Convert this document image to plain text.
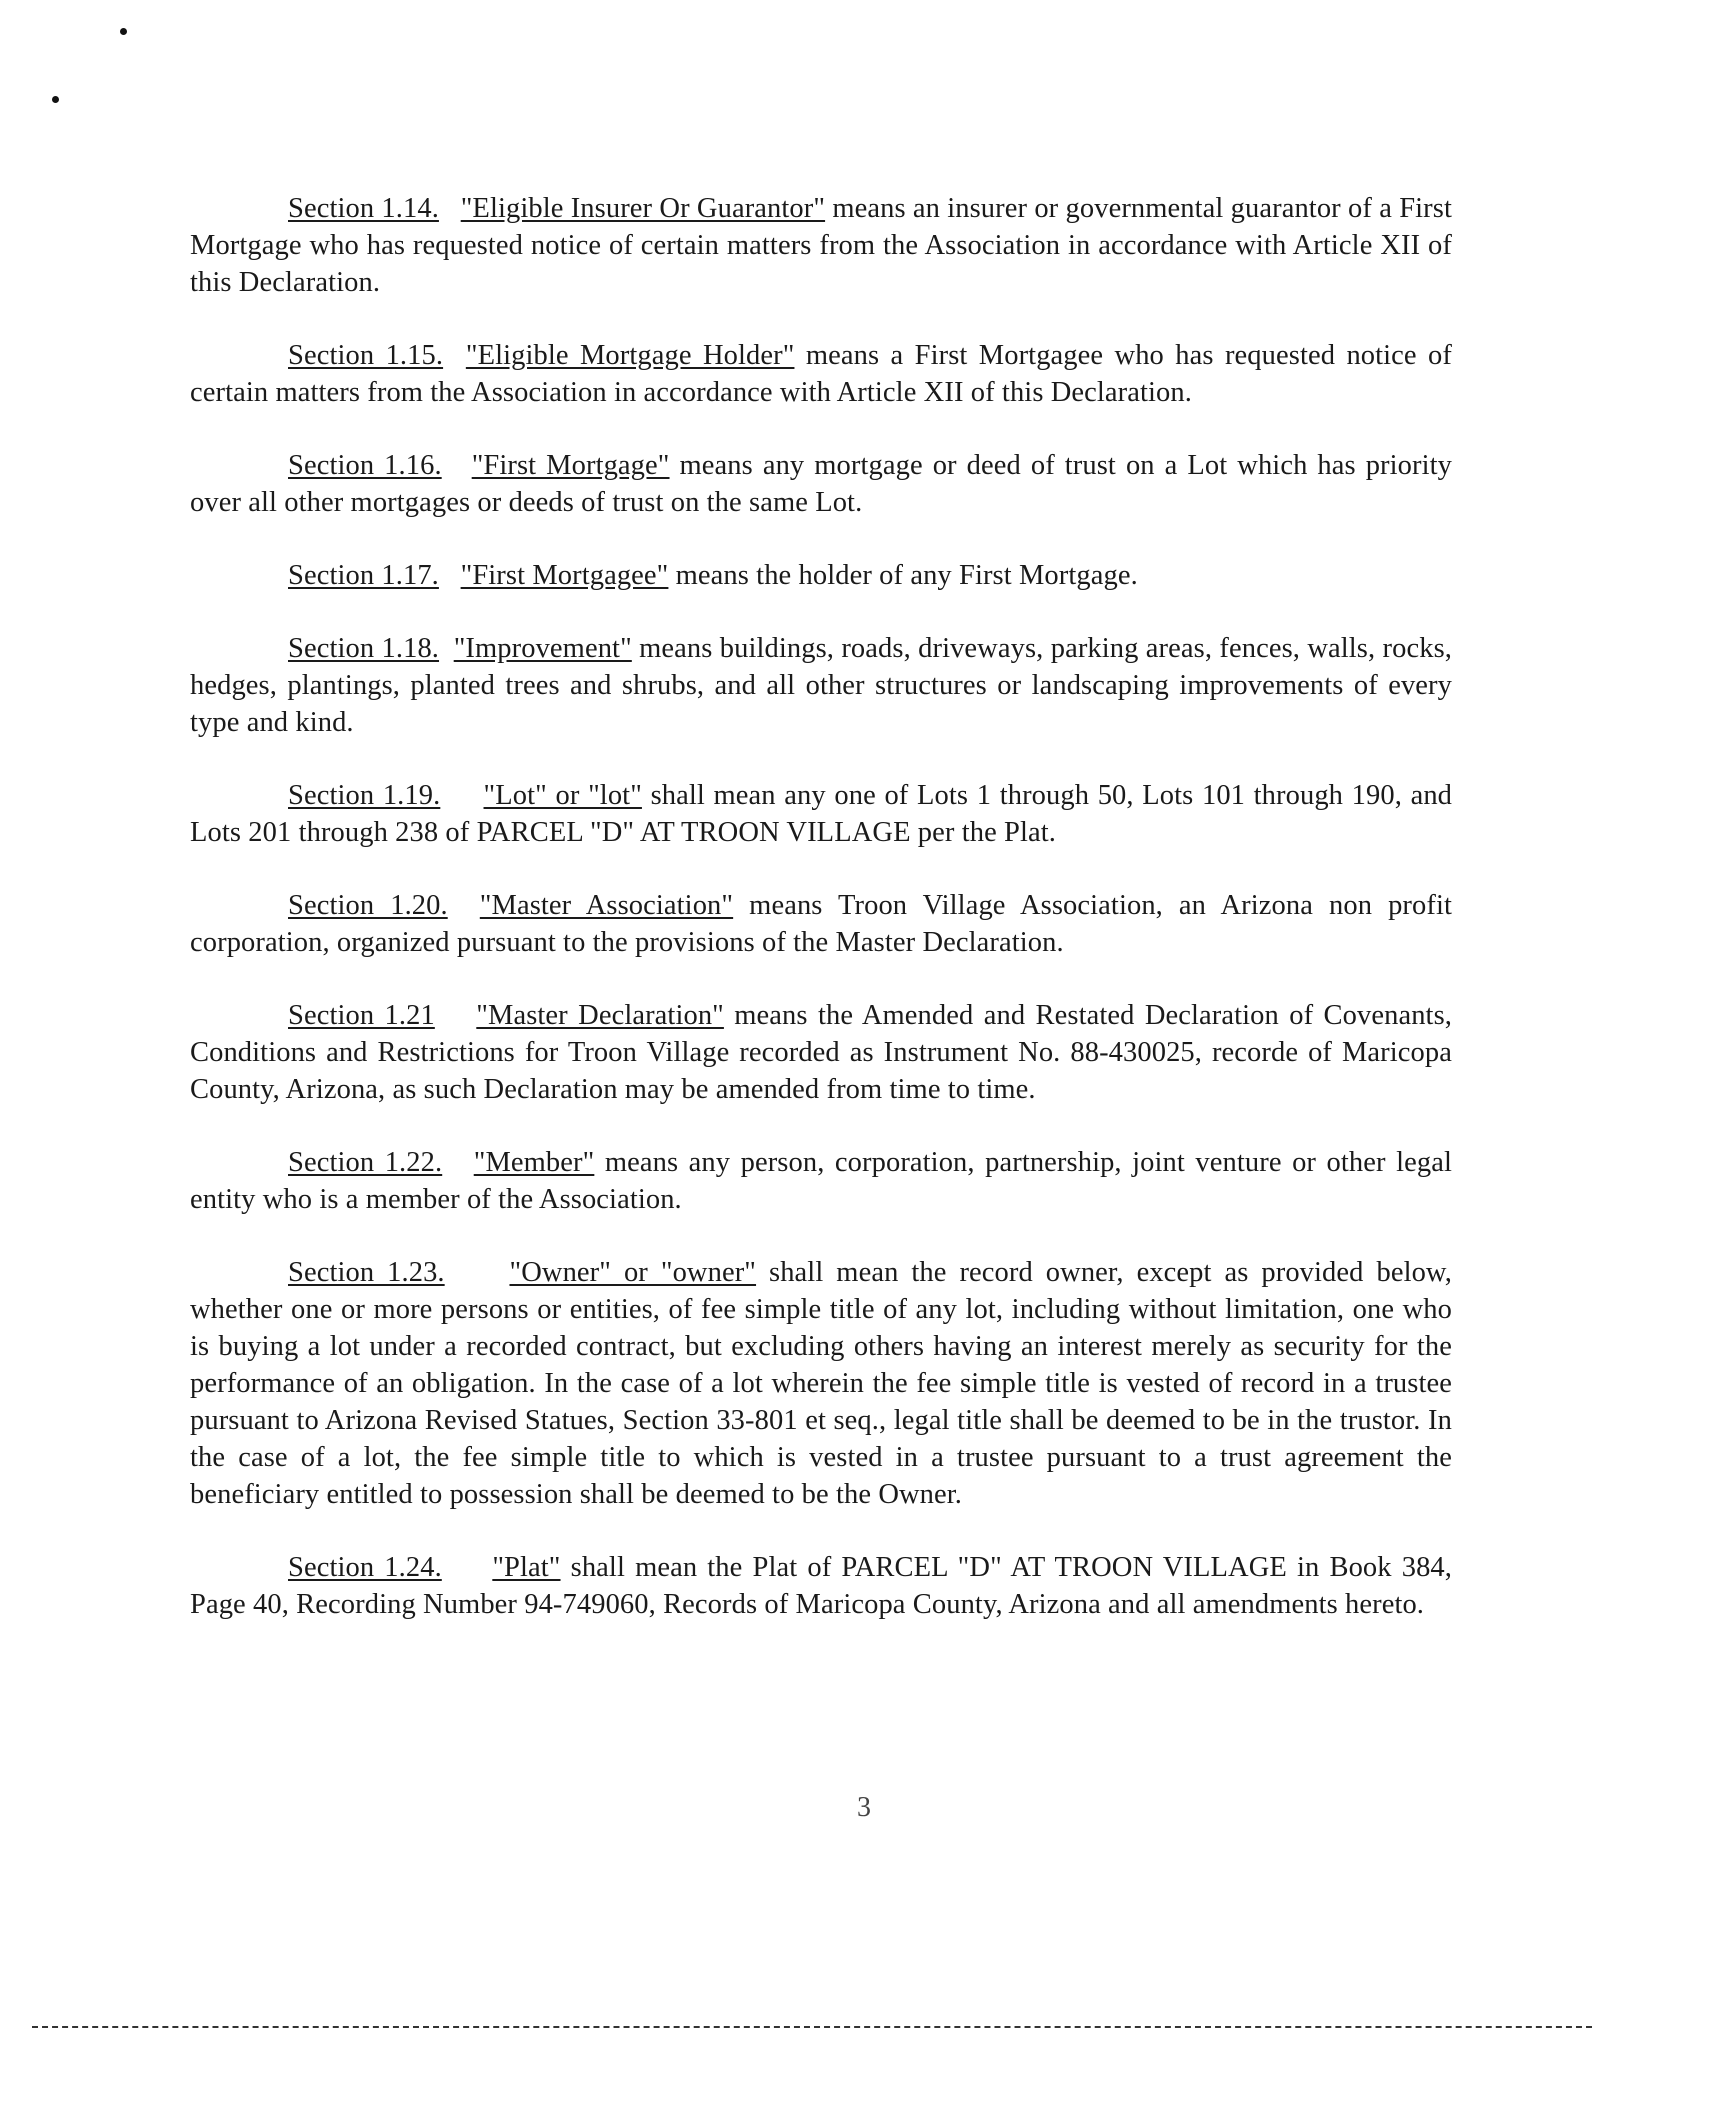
Section 1.14. "Eligible Insurer Or Guarantor" means an insurer or governmental guarantor of a First Mortgage who has requested notice of certain matters from the Association in accordance with Article XII of this Declaration.

Section 1.15. "Eligible Mortgage Holder" means a First Mortgagee who has requested notice of certain matters from the Association in accordance with Article XII of this Declaration.

Section 1.16. "First Mortgage" means any mortgage or deed of trust on a Lot which has priority over all other mortgages or deeds of trust on the same Lot.

Section 1.17. "First Mortgagee" means the holder of any First Mortgage.

Section 1.18. "Improvement" means buildings, roads, driveways, parking areas, fences, walls, rocks, hedges, plantings, planted trees and shrubs, and all other structures or landscaping improvements of every type and kind.

Section 1.19. "Lot" or "lot" shall mean any one of Lots 1 through 50, Lots 101 through 190, and Lots 201 through 238 of PARCEL "D" AT TROON VILLAGE per the Plat.

Section 1.20. "Master Association" means Troon Village Association, an Arizona non profit corporation, organized pursuant to the provisions of the Master Declaration.

Section 1.21 "Master Declaration" means the Amended and Restated Declaration of Covenants, Conditions and Restrictions for Troon Village recorded as Instrument No. 88-430025, recorde of Maricopa County, Arizona, as such Declaration may be amended from time to time.

Section 1.22. "Member" means any person, corporation, partnership, joint venture or other legal entity who is a member of the Association.

Section 1.23. "Owner" or "owner" shall mean the record owner, except as provided below, whether one or more persons or entities, of fee simple title of any lot, including without limitation, one who is buying a lot under a recorded contract, but excluding others having an interest merely as security for the performance of an obligation. In the case of a lot wherein the fee simple title is vested of record in a trustee pursuant to Arizona Revised Statues, Section 33-801 et seq., legal title shall be deemed to be in the trustor. In the case of a lot, the fee simple title to which is vested in a trustee pursuant to a trust agreement the beneficiary entitled to possession shall be deemed to be the Owner.

Section 1.24. "Plat" shall mean the Plat of PARCEL "D" AT TROON VILLAGE in Book 384, Page 40, Recording Number 94-749060, Records of Maricopa County, Arizona and all amendments hereto.

3
